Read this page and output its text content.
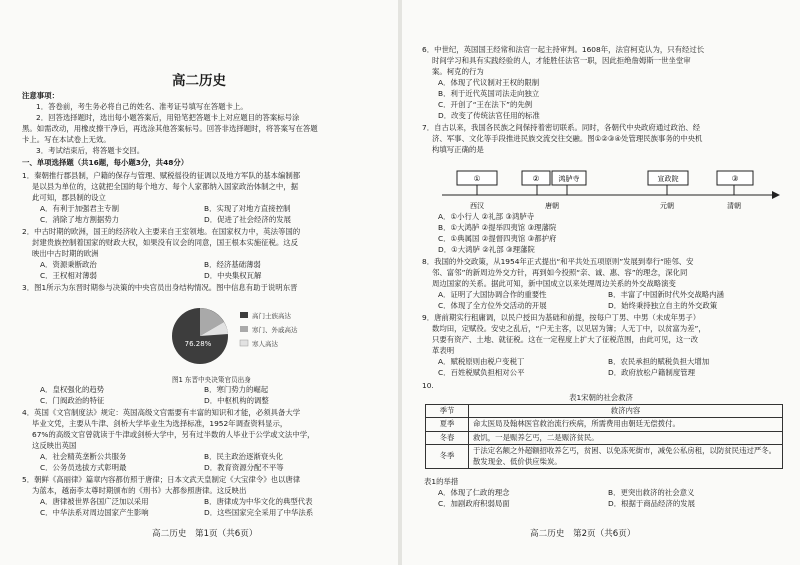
高二历史
注意事项：
1．答卷前，考生务必将自己的姓名、准考证号填写在答题卡上。
2．回答选择题时，选出每小题答案后，用铅笔把答题卡上对应题目的答案标号涂
黑。如需改动，用橡皮擦干净后，再选涂其他答案标号。回答非选择题时，将答案写在答题
卡上。写在本试卷上无效。
3．考试结束后，将答题卡交回。
一、单项选择题（共16题，每小题3分，共48分）
1．秦朝推行郡县制，户籍的保存与管理、赋税徭役的征调以及地方军队的基本编制都
是以县为单位的，这就把全国的每个地方、每个人家都纳入国家政治体制之中，据
此可知，郡县制的设立
A．有利于加强君主专制	B．实现了对地方直接控制
C．消除了地方割据势力	D．促进了社会经济的发展
2．中古时期的欧洲，国王的经济收入主要来自王室领地。在国家权力中，英法等国的
封建贵族控制着国家的财政大权，如果没有议会的同意，国王根本实施征税。这反
映出中古时期的欧洲
A．资源秉断政治	B．经济基础薄弱
C．王权相对薄弱	D．中央集权瓦解
3．图1所示为东晋时期参与决策的中央官员出身结构情况。图中信息有助于说明东晋
76.28%
高门士族高达
寒门、外戚高达
寒人高达
图1 东晋中央决策官员出身
A．皇权强化的趋势	B．寒门势力的崛起
C．门阀政治的特征	D．中枢机构的调整
4．英国《文官制度法》规定：英国高级文官需要有丰富的知识和才能，必须具备大学
毕业文凭，主要从牛津、剑桥大学毕业生为选择标准，1952年调查资料显示，
67%的高级文官曾就读于牛津或剑桥大学中，另有过半数的人毕业于公学或文法中学，
这反映出英国
A．社会精英垄断公共服务	B．民主政治逐渐衰头化
C．公务员选拔方式彰明最	D．教育资源分配不平等
5．朝鲜《高丽律》篇章内容都仿照于唐律；日本文武天皇制定《大宝律令》也以唐律
为蓝本，越南李太尊时期颁布的《刑书》大都参照唐律。这反映出
A．唐律被世界各国广泛加以采用	B．唐律成为中华文化的典型代表
C．中华法系对周边国家产生影响	D．这些国家完全采用了中华法系
高二历史　第1页（共6页）
6．中世纪，英国国王经常和法官一起主持审判。1608年，法官柯克认为，只有经过长
时间学习和具有实践经验的人，才能胜任法官一职，因此拒绝詹姆斯一世坐堂审
案。柯克的行为
A．体现了代议制对王权的限制
B．利于近代英国司法走向独立
C．开创了“王在法下”的先例
D．改变了传统法官任用的标准
7．自古以来，我国各民族之间保持着密切联系。同时，各朝代中央政府通过政治、经
济、军事、文化等手段推进民族交流交往交融。图①②③④处管理民族事务的中央机
构填写正确的是
①	②	鸿胪寺	宣政院	③
西汉	唐朝	元朝	清朝
A．①小行人 ②礼部 ③鸿胪寺
B．①大鸿胪 ②提举四夷馆 ③理藩院
C．①典属国 ②提督四夷馆 ③都护府
D．①大鸿胪 ②礼部 ③理藩院
8．我国的外交政策，从1954年正式提出“和平共处五项原则”发展到奉行“睦邻、安
邻、富邻”的新周边外交方针，再到如今投照“亲、诚、惠、容”的理念，深化同
周边国家的关系。据此可知，新中国成立以来处理周边关系的外交战略演变
A．证明了大国协调合作的重要性	B．丰富了中国新时代外交战略内涵
C．体现了全方位外交活动的开展	D．始终秉持独立自主的外交政策
9．唐前期实行租庸调，以民户授田为基础和前提，按每户丁男、中男（未成年男子）
数均田，定赋役。安史之乱后，“户无主客，以见居为簿；人无丁中，以贫富为差”，
只要有资产、土地、就征税。这在一定程度上扩大了征税范围，由此可见，这一改
革表明
A．赋税原则由税户变税丁	B．农民承担的赋税负担大增加
C．百姓税赋负担相对公平	D．政府放松户籍制度管理
10.
表1宋朝的社会救济
季节	救济内容
夏季	命太医局及翰林医官救治流行疾病，所需费用由朝廷无偿拨付。
冬春	救饥，一是赈养乞丐，二是赈济贫民。
冬季	于法定名额之外超额招收养乞丐，贫困、以免冻死街市，减免公私房租，以防贫民违过严冬。散发现金、低价供应柴炭。
表1的举措
A．体现了仁政的理念	B．更突出救济的社会意义
C．加剧政府积弱局面	D．根据于商品经济的发展
高二历史　第2页（共6页）
